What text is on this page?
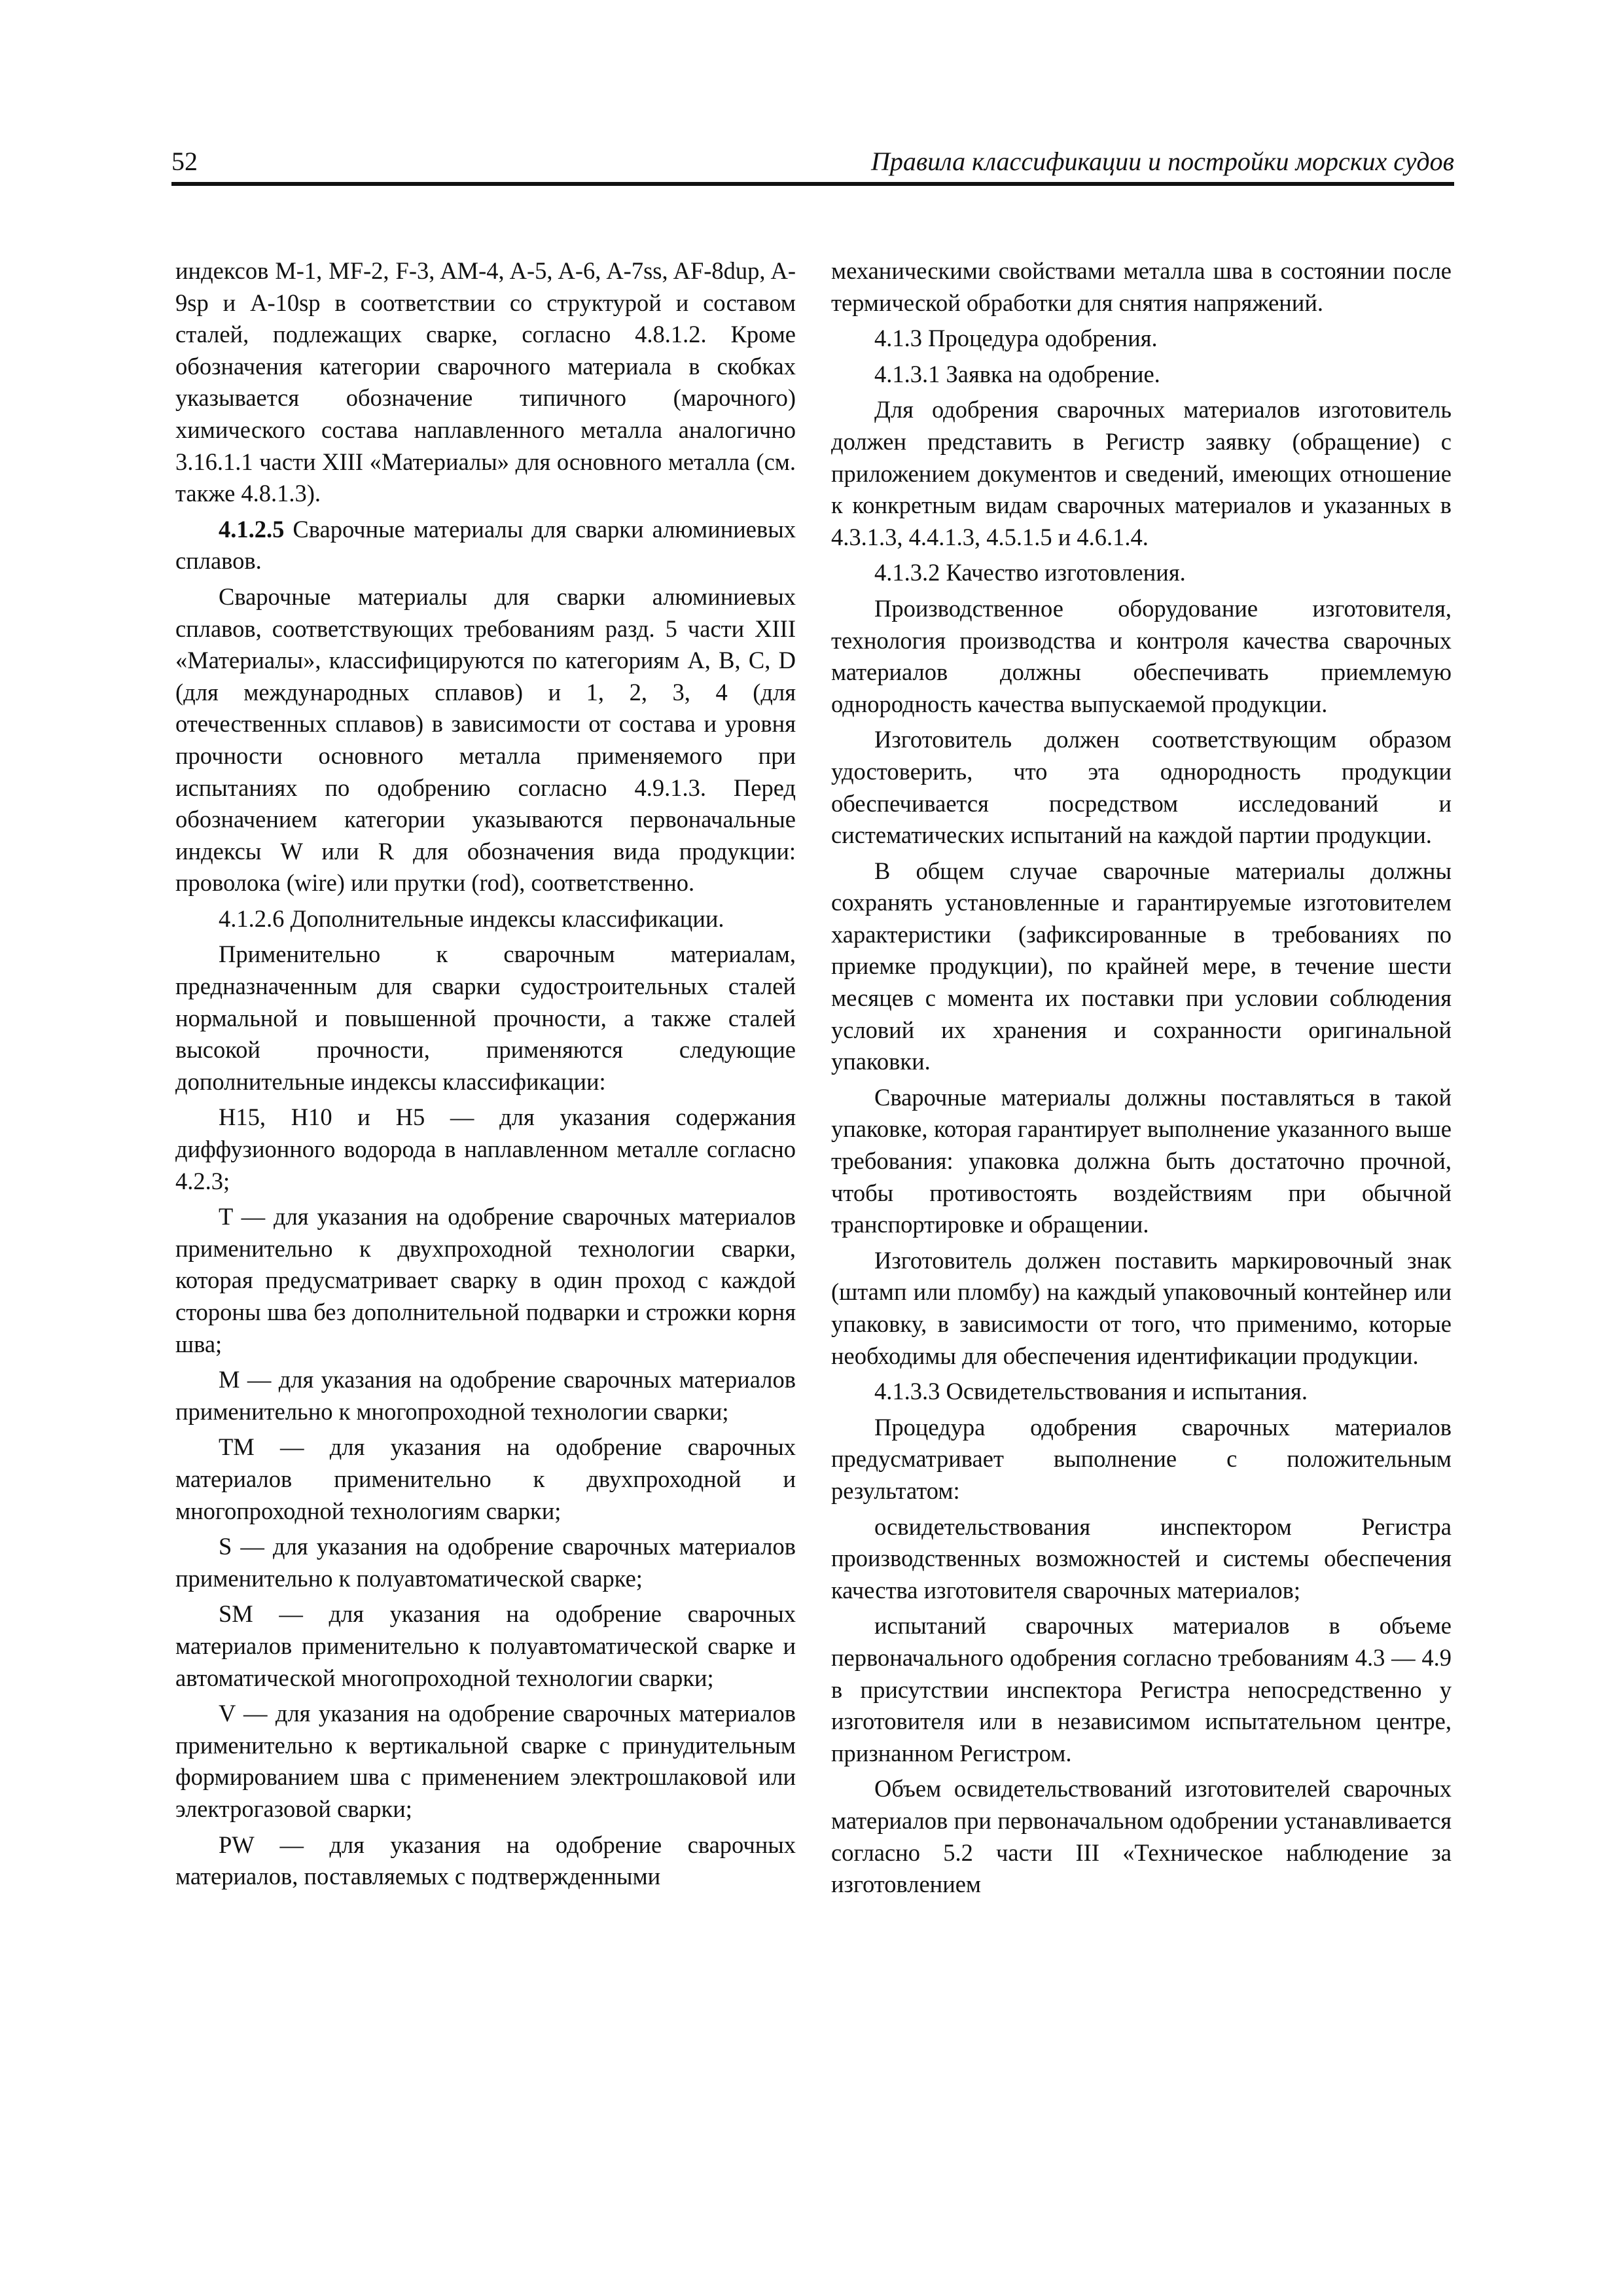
52	Правила классификации и постройки морских судов

индексов M-1, MF-2, F-3, AM-4, A-5, A-6, A-7ss, AF-8dup, A-9sp и A-10sp в соответствии со структурой и составом сталей, подлежащих сварке, согласно 4.8.1.2. Кроме обозначения категории сварочного материала в скобках указывается обозначение типичного (марочного) химического состава наплавленного металла аналогично 3.16.1.1 части XIII «Материалы» для основного металла (см. также 4.8.1.3).

4.1.2.5 Сварочные материалы для сварки алюминиевых сплавов.

Сварочные материалы для сварки алюминиевых сплавов, соответствующих требованиям разд. 5 части XIII «Материалы», классифицируются по категориям A, B, C, D (для международных сплавов) и 1, 2, 3, 4 (для отечественных сплавов) в зависимости от состава и уровня прочности основного металла применяемого при испытаниях по одобрению согласно 4.9.1.3. Перед обозначением категории указываются первоначальные индексы W или R для обозначения вида продукции: проволока (wire) или прутки (rod), соответственно.

4.1.2.6 Дополнительные индексы классификации.

Применительно к сварочным материалам, предназначенным для сварки судостроительных сталей нормальной и повышенной прочности, а также сталей высокой прочности, применяются следующие дополнительные индексы классификации:

H15, H10 и H5 — для указания содержания диффузионного водорода в наплавленном металле согласно 4.2.3;

T — для указания на одобрение сварочных материалов применительно к двухпроходной технологии сварки, которая предусматривает сварку в один проход с каждой стороны шва без дополнительной подварки и строжки корня шва;

M — для указания на одобрение сварочных материалов применительно к многопроходной технологии сварки;

TM — для указания на одобрение сварочных материалов применительно к двухпроходной и многопроходной технологиям сварки;

S — для указания на одобрение сварочных материалов применительно к полуавтоматической сварке;

SM — для указания на одобрение сварочных материалов применительно к полуавтоматической сварке и автоматической многопроходной технологии сварки;

V — для указания на одобрение сварочных материалов применительно к вертикальной сварке с принудительным формированием шва с применением электрошлаковой или электрогазовой сварки;

PW — для указания на одобрение сварочных материалов, поставляемых с подтвержденными

механическими свойствами металла шва в состоянии после термической обработки для снятия напряжений.

4.1.3 Процедура одобрения.

4.1.3.1 Заявка на одобрение.

Для одобрения сварочных материалов изготовитель должен представить в Регистр заявку (обращение) с приложением документов и сведений, имеющих отношение к конкретным видам сварочных материалов и указанных в 4.3.1.3, 4.4.1.3, 4.5.1.5 и 4.6.1.4.

4.1.3.2 Качество изготовления.

Производственное оборудование изготовителя, технология производства и контроля качества сварочных материалов должны обеспечивать приемлемую однородность качества выпускаемой продукции.

Изготовитель должен соответствующим образом удостоверить, что эта однородность продукции обеспечивается посредством исследований и систематических испытаний на каждой партии продукции.

В общем случае сварочные материалы должны сохранять установленные и гарантируемые изготовителем характеристики (зафиксированные в требованиях по приемке продукции), по крайней мере, в течение шести месяцев с момента их поставки при условии соблюдения условий их хранения и сохранности оригинальной упаковки.

Сварочные материалы должны поставляться в такой упаковке, которая гарантирует выполнение указанного выше требования: упаковка должна быть достаточно прочной, чтобы противостоять воздействиям при обычной транспортировке и обращении.

Изготовитель должен поставить маркировочный знак (штамп или пломбу) на каждый упаковочный контейнер или упаковку, в зависимости от того, что применимо, которые необходимы для обеспечения идентификации продукции.

4.1.3.3 Освидетельствования и испытания.

Процедура одобрения сварочных материалов предусматривает выполнение с положительным результатом:

освидетельствования инспектором Регистра производственных возможностей и системы обеспечения качества изготовителя сварочных материалов;

испытаний сварочных материалов в объеме первоначального одобрения согласно требованиям 4.3 — 4.9 в присутствии инспектора Регистра непосредственно у изготовителя или в независимом испытательном центре, признанном Регистром.

Объем освидетельствований изготовителей сварочных материалов при первоначальном одобрении устанавливается согласно 5.2 части III «Техническое наблюдение за изготовлением
